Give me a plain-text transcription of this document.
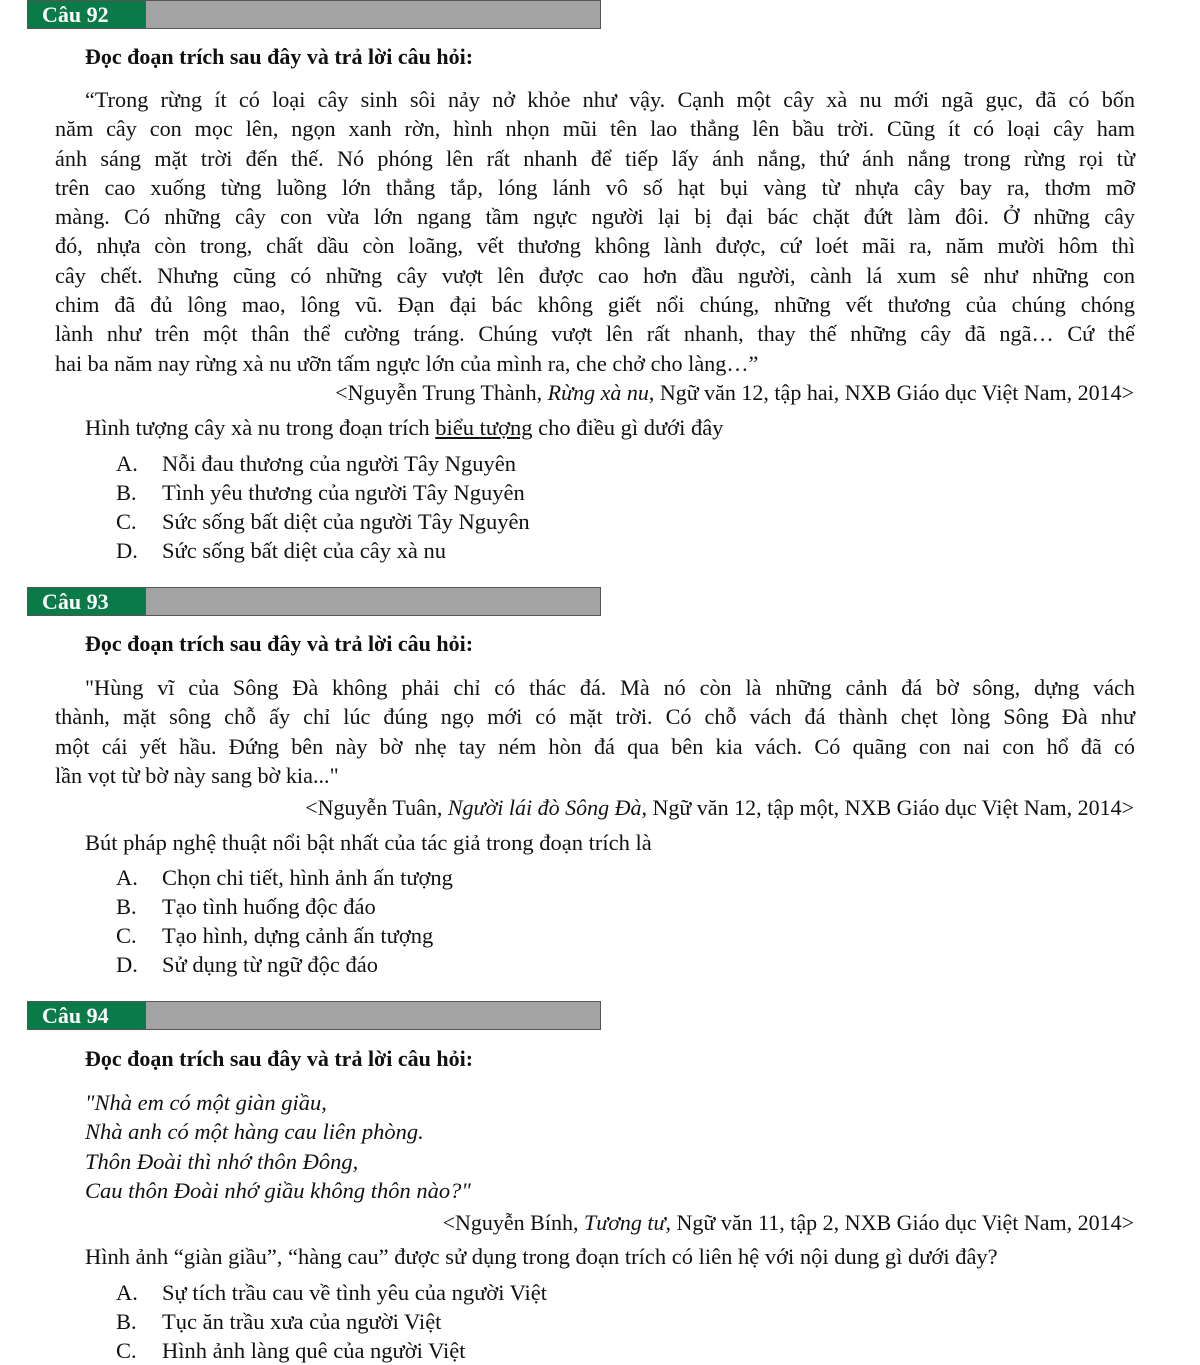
Câu 92
Đọc đoạn trích sau đây và trả lời câu hỏi:
“Trong rừng ít có loại cây sinh sôi nảy nở khỏe như vậy. Cạnh một cây xà nu mới ngã gục, đã có bốn
năm cây con mọc lên, ngọn xanh rờn, hình nhọn mũi tên lao thẳng lên bầu trời. Cũng ít có loại cây ham
ánh sáng mặt trời đến thế. Nó phóng lên rất nhanh để tiếp lấy ánh nắng, thứ ánh nắng trong rừng rọi từ
trên cao xuống từng luồng lớn thẳng tắp, lóng lánh vô số hạt bụi vàng từ nhựa cây bay ra, thơm mỡ
màng. Có những cây con vừa lớn ngang tầm ngực người lại bị đại bác chặt đứt làm đôi. Ở những cây
đó, nhựa còn trong, chất dầu còn loãng, vết thương không lành được, cứ loét mãi ra, năm mười hôm thì
cây chết. Nhưng cũng có những cây vượt lên được cao hơn đầu người, cành lá xum sê như những con
chim đã đủ lông mao, lông vũ. Đạn đại bác không giết nổi chúng, những vết thương của chúng chóng
lành như trên một thân thể cường tráng. Chúng vượt lên rất nhanh, thay thế những cây đã ngã… Cứ thế
hai ba năm nay rừng xà nu ưỡn tấm ngực lớn của mình ra, che chở cho làng…”
<Nguyễn Trung Thành, Rừng xà nu, Ngữ văn 12, tập hai, NXB Giáo dục Việt Nam, 2014>
Hình tượng cây xà nu trong đoạn trích biểu tượng cho điều gì dưới đây
A.	Nỗi đau thương của người Tây Nguyên
B.	Tình yêu thương của người Tây Nguyên
C.	Sức sống bất diệt của người Tây Nguyên
D.	Sức sống bất diệt của cây xà nu
Câu 93
Đọc đoạn trích sau đây và trả lời câu hỏi:
"Hùng vĩ của Sông Đà không phải chỉ có thác đá. Mà nó còn là những cảnh đá bờ sông, dựng vách
thành, mặt sông chỗ ấy chỉ lúc đúng ngọ mới có mặt trời. Có chỗ vách đá thành chẹt lòng Sông Đà như
một cái yết hầu. Đứng bên này bờ nhẹ tay ném hòn đá qua bên kia vách. Có quãng con nai con hổ đã có
lần vọt từ bờ này sang bờ kia..."
<Nguyễn Tuân, Người lái đò Sông Đà, Ngữ văn 12, tập một, NXB Giáo dục Việt Nam, 2014>
Bút pháp nghệ thuật nổi bật nhất của tác giả trong đoạn trích là
A.	Chọn chi tiết, hình ảnh ấn tượng
B.	Tạo tình huống độc đáo
C.	Tạo hình, dựng cảnh ấn tượng
D.	Sử dụng từ ngữ độc đáo
Câu 94
Đọc đoạn trích sau đây và trả lời câu hỏi:
"Nhà em có một giàn giầu,
Nhà anh có một hàng cau liên phòng.
Thôn Đoài thì nhớ thôn Đông,
Cau thôn Đoài nhớ giầu không thôn nào?"
<Nguyễn Bính, Tương tư, Ngữ văn 11, tập 2, NXB Giáo dục Việt Nam, 2014>
Hình ảnh “giàn giầu”, “hàng cau” được sử dụng trong đoạn trích có liên hệ với nội dung gì dưới đây?
A.	Sự tích trầu cau về tình yêu của người Việt
B.	Tục ăn trầu xưa của người Việt
C.	Hình ảnh làng quê của người Việt
